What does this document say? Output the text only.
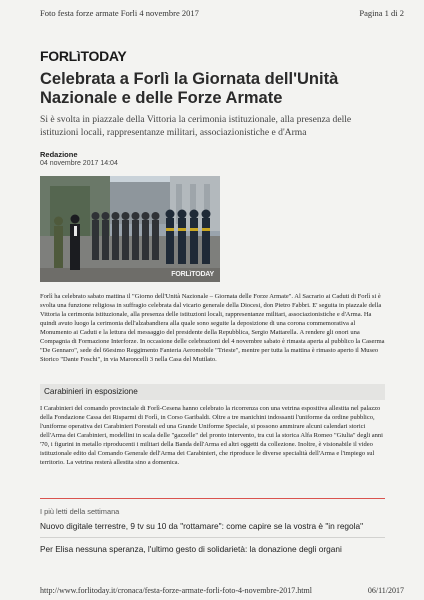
Foto festa forze armate Forli 4 novembre 2017	Pagina 1 di 2
FORLìTODAY
Celebrata a Forlì la Giornata dell'Unità Nazionale e delle Forze Armate

Si è svolta in piazzale della Vittoria la cerimonia istituzionale, alla presenza delle istituzioni locali, rappresentanze militari, associazionistiche e d'Arma

Redazione
04 novembre 2017 14:04
FORLìTODAY

Forlì ha celebrato sabato mattina il "Giorno dell'Unità Nazionale – Giornata delle Forze Armate". Al Sacrario ai Caduti di Forlì si è svolta una funzione religiosa in suffragio celebrata dal vicario generale della Diocesi, don Pietro Fabbri. E' seguita in piazzale della Vittoria la cerimonia istituzionale, alla presenza delle istituzioni locali, rappresentanze militari, associazionistiche e d'Arma. Ha quindi avuto luogo la cerimonia dell'alzabandiera alla quale sono seguite la deposizione di una corona commemorativa al Monumento ai Caduti e la lettura del messaggio del presidente della Repubblica, Sergio Mattarella. A rendere gli onori una Compagnia di Formazione Interforze. In occasione delle celebrazioni del 4 novembre sabato è rimasta aperta al pubblico la Caserma "De Gennaro", sede del 66esimo Reggimento Fanteria Aeromobile "Trieste", mentre per tutta la mattina è rimasto aperto il Museo Storico "Dante Foschi", in via Maroncelli 3 nella Casa del Mutilato.

Carabinieri in esposizione

I Carabinieri del comando provinciale di Forlì-Cesena hanno celebrato la ricorrenza con una vetrina espositiva allestita nel palazzo della Fondazione Cassa dei Risparmi di Forlì, in Corso Garibaldi. Oltre a tre manichini indossanti l'uniforme da ordine pubblico, l'uniforme operativa dei Carabinieri Forestali ed una Grande Uniforme Speciale, si possono ammirare alcuni calendari storici dell'Arma dei Carabinieri, modellini in scala delle "gazzelle" del pronto intervento, tra cui la storica Alfa Romeo "Giulia" degli anni '70, i figurini in metallo riproducenti i militari della Banda dell'Arma ed altri oggetti da collezione. Inoltre, è visionabile il video istituzionale edito dal Comando Generale dell'Arma dei Carabinieri, che riproduce le diverse specialità dell'Arma e l'impiego sul territorio. La vetrina resterà allestita sino a domenica.

I più letti della settimana
Nuovo digitale terrestre, 9 tv su 10 da "rottamare": come capire se la vostra è "in regola"
Per Elisa nessuna speranza, l'ultimo gesto di solidarietà: la donazione degli organi
http://www.forlitoday.it/cronaca/festa-forze-armate-forli-foto-4-novembre-2017.html	06/11/2017
